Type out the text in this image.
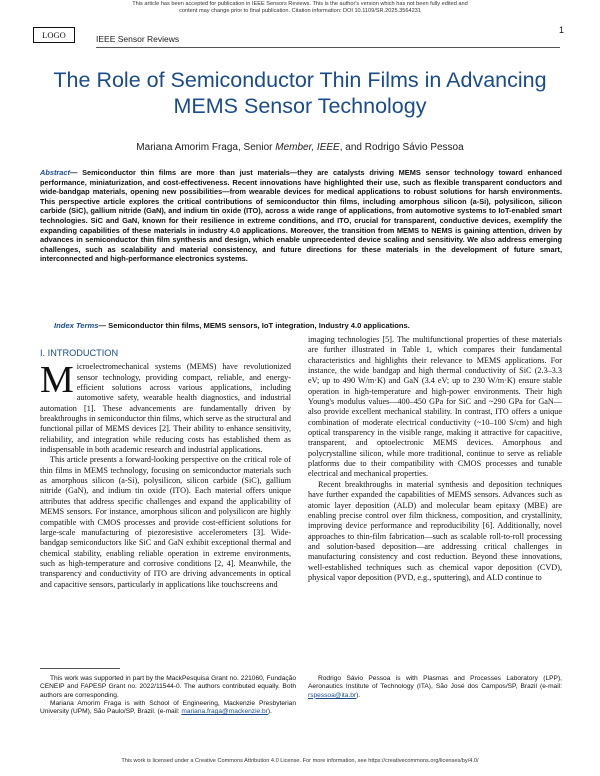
This article has been accepted for publication in IEEE Sensors Reviews. This is the author's version which has not been fully edited and
content may change prior to final publication. Citation information: DOI 10.1109/SR.2025.3564231
LOGO	IEEE Sensor Reviews
1
The Role of Semiconductor Thin Films in Advancing MEMS Sensor Technology
Mariana Amorim Fraga, Senior Member, IEEE, and Rodrigo Sávio Pessoa
Abstract— Semiconductor thin films are more than just materials—they are catalysts driving MEMS sensor technology toward enhanced performance, miniaturization, and cost-effectiveness. Recent innovations have highlighted their use, such as flexible transparent conductors and wide-bandgap materials, opening new possibilities—from wearable devices for medical applications to robust solutions for harsh environments. This perspective article explores the critical contributions of semiconductor thin films, including amorphous silicon (a-Si), polysilicon, silicon carbide (SiC), gallium nitride (GaN), and indium tin oxide (ITO), across a wide range of applications, from automotive systems to IoT-enabled smart technologies. SiC and GaN, known for their resilience in extreme conditions, and ITO, crucial for transparent, conductive devices, exemplify the expanding capabilities of these materials in industry 4.0 applications. Moreover, the transition from MEMS to NEMS is gaining attention, driven by advances in semiconductor thin film synthesis and design, which enable unprecedented device scaling and sensitivity. We also address emerging challenges, such as scalability and material consistency, and future directions for these materials in the development of future smart, interconnected and high-performance electronics systems.
Index Terms— Semiconductor thin films, MEMS sensors, IoT integration, Industry 4.0 applications.
I. INTRODUCTION

Microelectromechanical systems (MEMS) have revolutionized sensor technology, providing compact, reliable, and energy-efficient solutions across various applications, including automotive safety, wearable health diagnostics, and industrial automation [1]. These advancements are fundamentally driven by breakthroughs in semiconductor thin films, which serve as the structural and functional pillar of MEMS devices [2]. Their ability to enhance sensitivity, reliability, and integration while reducing costs has established them as indispensable in both academic research and industrial applications.

This article presents a forward-looking perspective on the critical role of thin films in MEMS technology, focusing on semiconductor materials such as amorphous silicon (a-Si), polysilicon, silicon carbide (SiC), gallium nitride (GaN), and indium tin oxide (ITO). Each material offers unique attributes that address specific challenges and expand the applicability of MEMS sensors. For instance, amorphous silicon and polysilicon are highly compatible with CMOS processes and provide cost-efficient solutions for large-scale manufacturing of piezoresistive accelerometers [3]. Wide-bandgap semiconductors like SiC and GaN exhibit exceptional thermal and chemical stability, enabling reliable operation in extreme environments, such as high-temperature and corrosive conditions [2, 4]. Meanwhile, the transparency and conductivity of ITO are driving advancements in optical and capacitive sensors, particularly in applications like touchscreens and

imaging technologies [5]. The multifunctional properties of these materials are further illustrated in Table 1, which compares their fundamental characteristics and highlights their relevance to MEMS applications. For instance, the wide bandgap and high thermal conductivity of SiC (2.3–3.3 eV; up to 490 W/m·K) and GaN (3.4 eV; up to 230 W/m·K) ensure stable operation in high-temperature and high-power environments. Their high Young's modulus values—400–450 GPa for SiC and ~290 GPa for GaN—also provide excellent mechanical stability. In contrast, ITO offers a unique combination of moderate electrical conductivity (~10–100 S/cm) and high optical transparency in the visible range, making it attractive for capacitive, transparent, and optoelectronic MEMS devices. Amorphous and polycrystalline silicon, while more traditional, continue to serve as reliable platforms due to their compatibility with CMOS processes and tunable electrical and mechanical properties.

Recent breakthroughs in material synthesis and deposition techniques have further expanded the capabilities of MEMS sensors. Advances such as atomic layer deposition (ALD) and molecular beam epitaxy (MBE) are enabling precise control over film thickness, composition, and crystallinity, improving device performance and reproducibility [6]. Additionally, novel approaches to thin-film fabrication—such as scalable roll-to-roll processing and solution-based deposition—are addressing critical challenges in manufacturing consistency and cost reduction. Beyond these innovations, well-established techniques such as chemical vapor deposition (CVD), physical vapor deposition (PVD, e.g., sputtering), and ALD continue to

This work was supported in part by the MackPesquisa Grant no. 221060, Fundação CENEIP and FAPESP Grant no. 2022/11544-0. The authors contributed equally. Both authors are corresponding.
Mariana Amorim Fraga is with School of Engineering, Mackenzie Presbyterian University (UPM), São Paulo/SP, Brazil. (e-mail: mariana.fraga@mackenzie.br).
Rodrigo Sávio Pessoa is with Plasmas and Processes Laboratory (LPP), Aeronautics Institute of Technology (ITA), São José dos Campos/SP, Brazil (e-mail: rspessoa@ita.br).
This work is licensed under a Creative Commons Attribution 4.0 License. For more information, see https://creativecommons.org/licenses/by/4.0/
